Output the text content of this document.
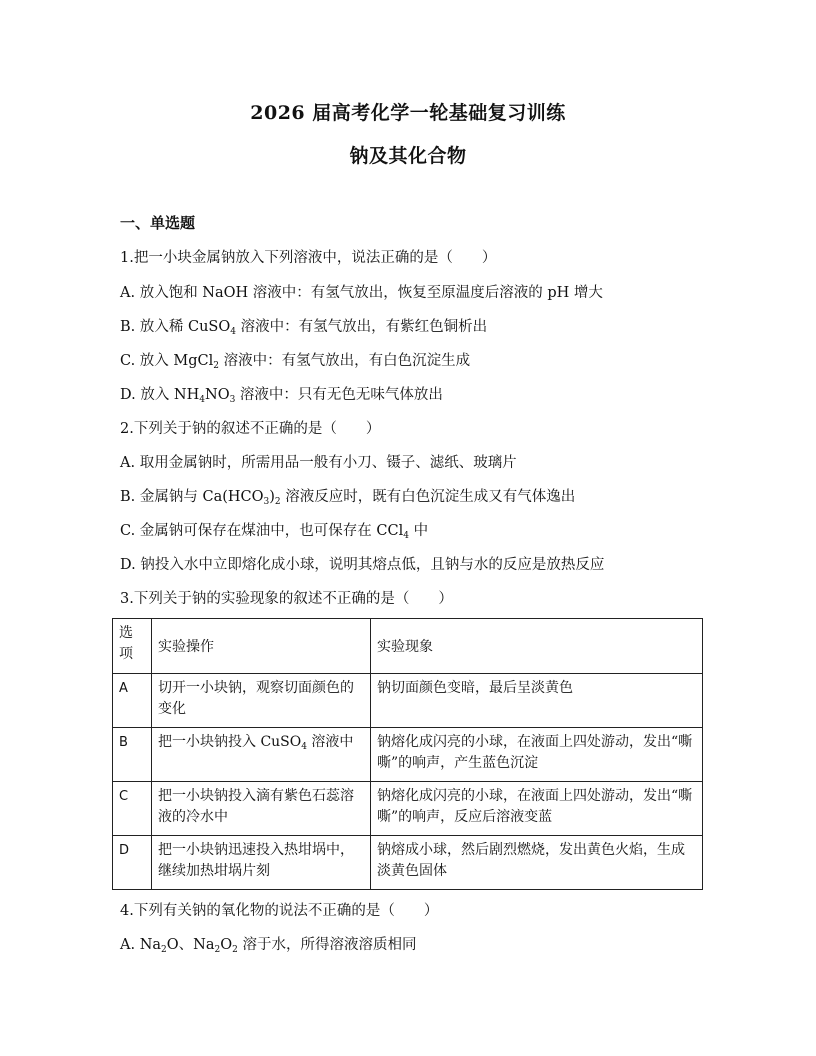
2026 届高考化学一轮基础复习训练
钠及其化合物
一、单选题
1.把一小块金属钠放入下列溶液中，说法正确的是（　　）
A. 放入饱和 NaOH 溶液中：有氢气放出，恢复至原温度后溶液的 pH 增大
B. 放入稀 CuSO$_4$ 溶液中：有氢气放出，有紫红色铜析出
C. 放入 MgCl$_2$ 溶液中：有氢气放出，有白色沉淀生成
D. 放入 $NH_4NO_3$ 溶液中：只有无色无味气体放出
2.下列关于钠的叙述不正确的是（　　）
A. 取用金属钠时，所需用品一般有小刀、镊子、滤纸、玻璃片
B. 金属钠与 $Ca(HCO_3)_2$ 溶液反应时，既有白色沉淀生成又有气体逸出
C. 金属钠可保存在煤油中，也可保存在 CCl$_4$ 中
D. 钠投入水中立即熔化成小球，说明其熔点低，且钠与水的反应是放热反应
3.下列关于钠的实验现象的叙述不正确的是（　　）
选
项	实验操作	实验现象
A	切开一小块钠，观察切面颜色的变化	钠切面颜色变暗，最后呈淡黄色
B	把一小块钠投入 CuSO$_4$ 溶液中	钠熔化成闪亮的小球，在液面上四处游动，发出“嘶嘶”的响声，产生蓝色沉淀
C	把一小块钠投入滴有紫色石蕊溶液的冷水中	钠熔化成闪亮的小球，在液面上四处游动，发出“嘶嘶”的响声，反应后溶液变蓝
D	把一小块钠迅速投入热坩埚中，继续加热坩埚片刻	钠熔成小球，然后剧烈燃烧，发出黄色火焰，生成淡黄色固体
4.下列有关钠的氧化物的说法不正确的是（　　）
A. $Na_2O$、$Na_2O_2$ 溶于水，所得溶液溶质相同
